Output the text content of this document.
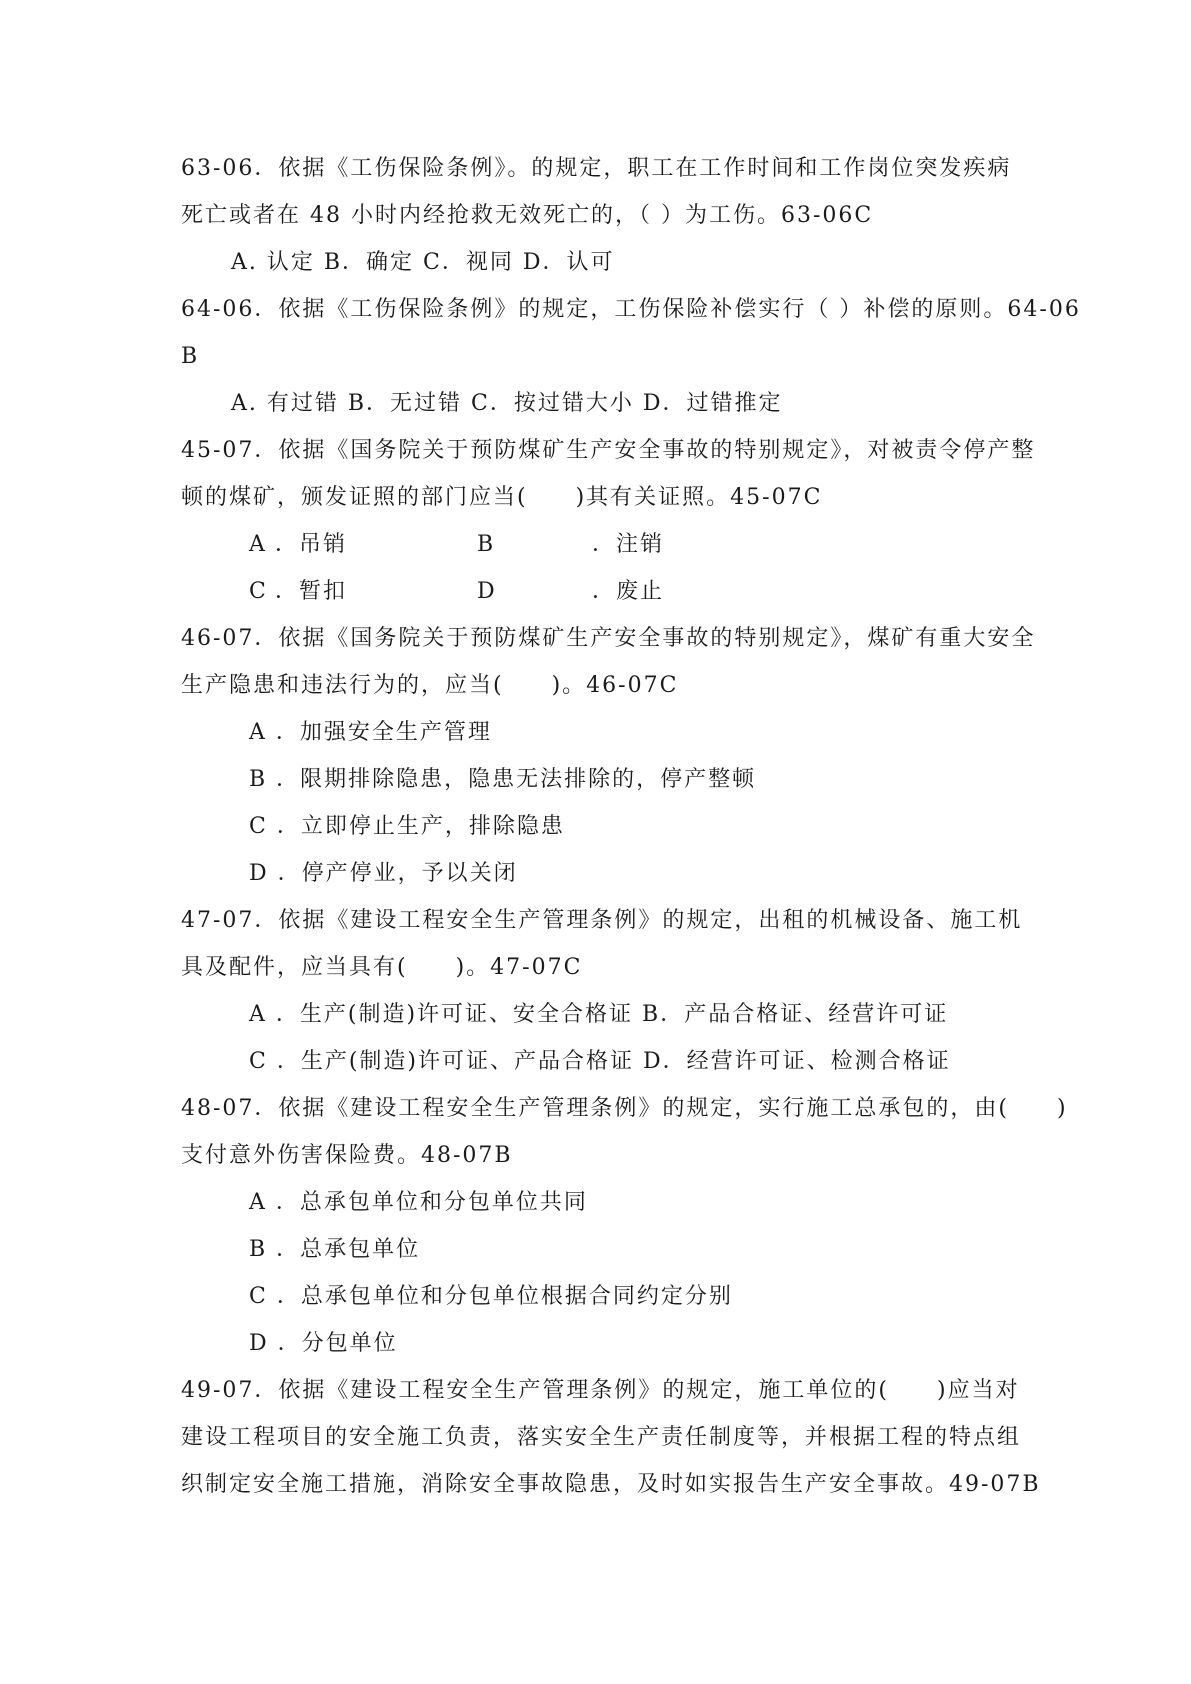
63-06．依据《工伤保险条例》。的规定，职工在工作时间和工作岗位突发疾病
死亡或者在 48 小时内经抢救无效死亡的，（ ）为工伤。63-06C
A. 认定 B．确定 C．视同 D．认可
64-06．依据《工伤保险条例》的规定，工伤保险补偿实行（ ）补偿的原则。64-06
B
A. 有过错 B．无过错 C．按过错大小 D．过错推定
45-07．依据《国务院关于预防煤矿生产安全事故的特别规定》，对被责令停产整
顿的煤矿，颁发证照的部门应当(　　)其有关证照。45-07C
A ．吊销	B	．注销
C ．暂扣	D	．废止
46-07．依据《国务院关于预防煤矿生产安全事故的特别规定》，煤矿有重大安全
生产隐患和违法行为的，应当(　　)。46-07C
A ．加强安全生产管理
B ．限期排除隐患，隐患无法排除的，停产整顿
C ．立即停止生产，排除隐患
D ．停产停业，予以关闭
47-07．依据《建设工程安全生产管理条例》的规定，出租的机械设备、施工机
具及配件，应当具有(　　)。47-07C
A ．生产(制造)许可证、安全合格证 B．产品合格证、经营许可证
C ．生产(制造)许可证、产品合格证 D．经营许可证、检测合格证
48-07．依据《建设工程安全生产管理条例》的规定，实行施工总承包的，由(　　)
支付意外伤害保险费。48-07B
A ．总承包单位和分包单位共同
B ．总承包单位
C ．总承包单位和分包单位根据合同约定分别
D ．分包单位
49-07．依据《建设工程安全生产管理条例》的规定，施工单位的(　　)应当对
建设工程项目的安全施工负责，落实安全生产责任制度等，并根据工程的特点组
织制定安全施工措施，消除安全事故隐患，及时如实报告生产安全事故。49-07B
